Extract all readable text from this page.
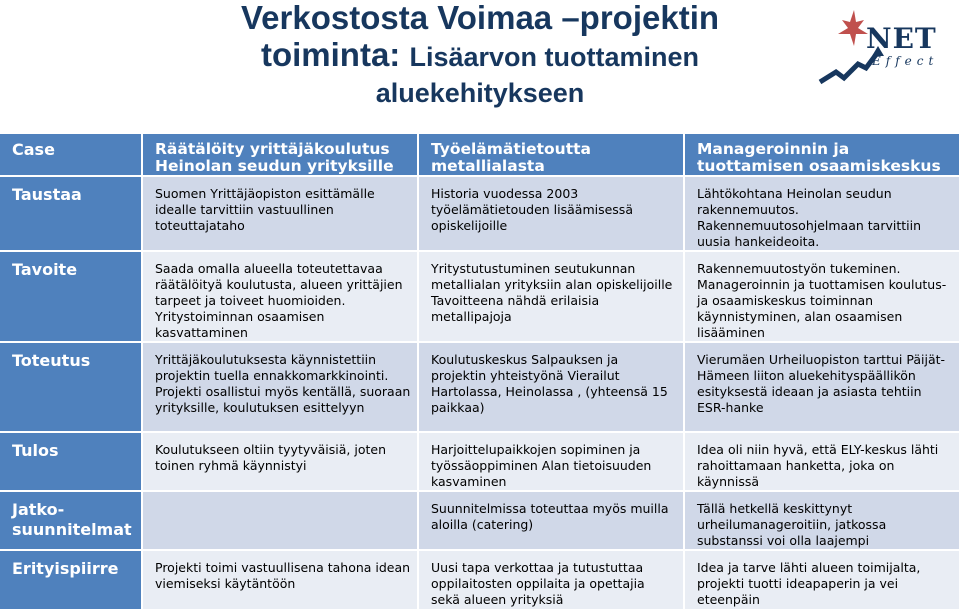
Verkostosta Voimaa –projektin
toiminta: Lisäarvon tuottaminen
aluekehitykseen
NET
Effect
Case	Räätälöity yrittäjäkoulutus Heinolan seudun yrityksille	Työelämätietoutta metallialasta	Manageroinnin ja tuottamisen osaamiskeskus
Taustaa	Suomen Yrittäjäopiston esittämälle idealle tarvittiin vastuullinen toteuttajataho	Historia vuodessa 2003 työelämätietouden lisäämisessä opiskelijoille	Lähtökohtana Heinolan seudun rakennemuutos. Rakennemuutosohjelmaan tarvittiin uusia hankeideoita.
Tavoite	Saada omalla alueella toteutettavaa räätälöityä koulutusta, alueen yrittäjien tarpeet ja toiveet huomioiden. Yritystoiminnan osaamisen kasvattaminen	Yritystutustuminen seutukunnan metallialan yrityksiin alan opiskelijoille Tavoitteena nähdä erilaisia metallipajoja	Rakennemuutostyön tukeminen. Manageroinnin ja tuottamisen koulutus- ja osaamiskeskus toiminnan käynnistyminen, alan osaamisen lisääminen
Toteutus	Yrittäjäkoulutuksesta käynnistettiin projektin tuella ennakkomarkkinointi. Projekti osallistui myös kentällä, suoraan yrityksille, koulutuksen esittelyyn	Koulutuskeskus Salpauksen ja projektin yhteistyönä Vierailut Hartolassa, Heinolassa , (yhteensä 15 paikkaa)	Vierumäen Urheiluopiston tarttui Päijät-Hämeen liiton aluekehityspäällikön esityksestä ideaan ja asiasta tehtiin ESR-hanke
Tulos	Koulutukseen oltiin tyytyväisiä, joten toinen ryhmä käynnistyi	Harjoittelupaikkojen sopiminen ja työssäoppiminen Alan tietoisuuden kasvaminen	Idea oli niin hyvä, että ELY-keskus lähti rahoittamaan hanketta, joka on käynnissä
Jatko-suunnitelmat		Suunnitelmissa toteuttaa myös muilla aloilla (catering)	Tällä hetkellä keskittynyt urheilumanageroitiin, jatkossa substanssi voi olla laajempi
Erityispiirre	Projekti toimi vastuullisena tahona idean viemiseksi käytäntöön	Uusi tapa verkottaa ja tutustuttaa oppilaitosten oppilaita ja opettajia sekä alueen yrityksiä	Idea ja tarve lähti alueen toimijalta, projekti tuotti ideapaperin ja vei eteenpäin
